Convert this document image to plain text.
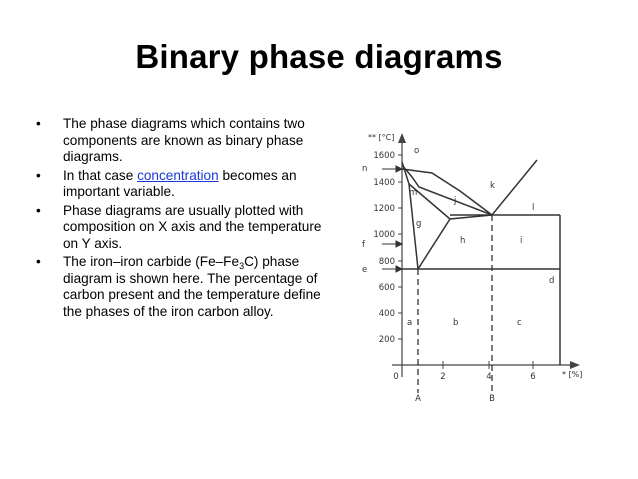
Binary phase diagrams
• The phase diagrams which contains two components are known as binary phase diagrams.
• In that case concentration becomes an important variable.
• Phase diagrams are usually plotted with composition on X axis and the temperature on Y axis.
• The iron–iron carbide $(Fe-Fe_3C)$ phase diagram is shown here. The percentage of carbon present and the temperature define the phases of the iron carbon alloy.
1600
1400
1200
1000
800
600
400
200
** [°C]
0	2	4	6	* [%]
n
f
e
o
m
k
j
l
g
h	i
d
a	b	c
A	B
